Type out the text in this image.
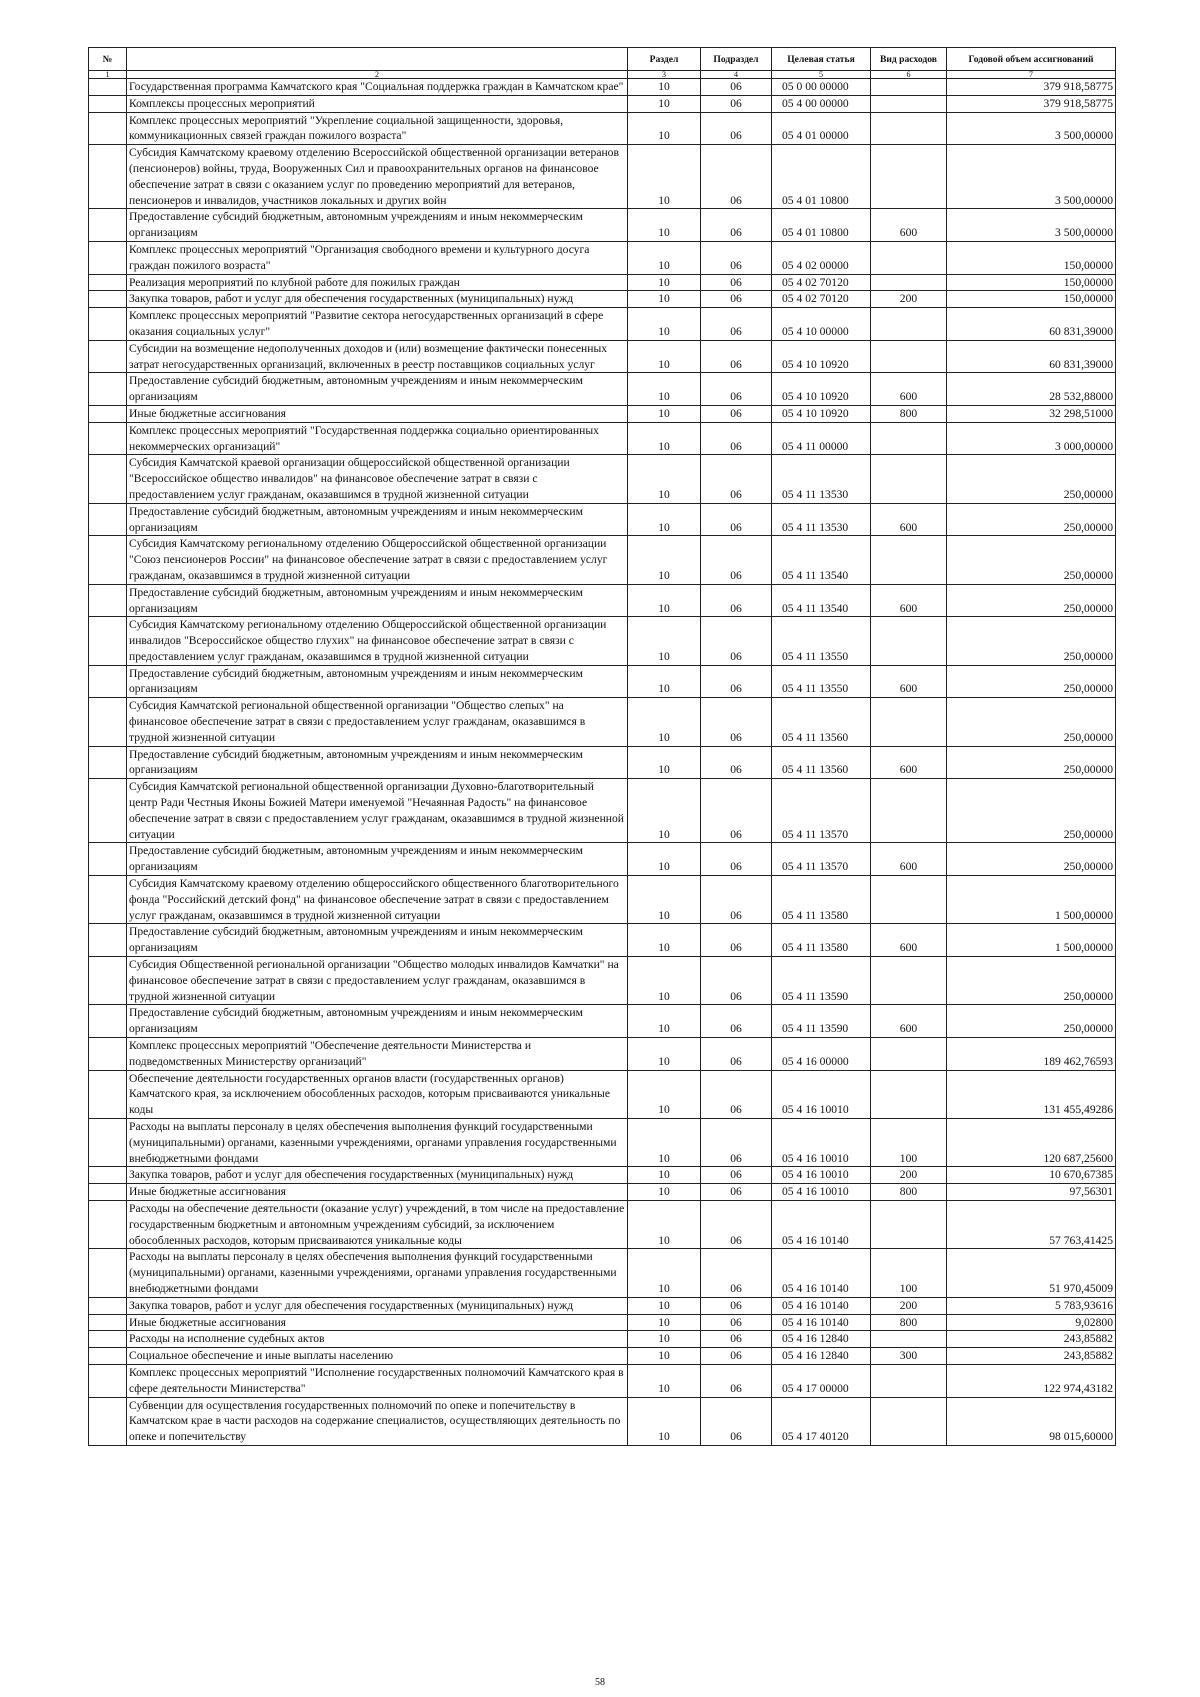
№		Раздел	Подраздел	Целевая статья	Вид расходов	Годовой объем ассигнований
1	2	3	4	5	6	7
	Государственная программа Камчатского края "Социальная поддержка граждан в Камчатском крае"	10	06	05 0 00 00000		379 918,58775
	Комплексы процессных мероприятий	10	06	05 4 00 00000		379 918,58775
	Комплекс процессных мероприятий "Укрепление социальной защищенности, здоровья, коммуникационных связей граждан пожилого возраста"	10	06	05 4 01 00000		3 500,00000
	Субсидия Камчатскому краевому отделению Всероссийской общественной организации ветеранов (пенсионеров) войны, труда, Вооруженных Сил и правоохранительных органов на финансовое обеспечение затрат в связи с оказанием услуг по проведению мероприятий для ветеранов, пенсионеров и инвалидов, участников локальных и других войн	10	06	05 4 01 10800		3 500,00000
	Предоставление субсидий бюджетным, автономным учреждениям и иным некоммерческим организациям	10	06	05 4 01 10800	600	3 500,00000
	Комплекс процессных мероприятий "Организация свободного времени и культурного досуга граждан пожилого возраста"	10	06	05 4 02 00000		150,00000
	Реализация мероприятий по клубной работе для пожилых граждан	10	06	05 4 02 70120		150,00000
	Закупка товаров, работ и услуг для обеспечения государственных (муниципальных) нужд	10	06	05 4 02 70120	200	150,00000
	Комплекс процессных мероприятий "Развитие сектора негосударственных организаций в сфере оказания социальных услуг"	10	06	05 4 10 00000		60 831,39000
	Субсидии на возмещение недополученных доходов и (или) возмещение фактически понесенных затрат негосударственных организаций, включенных в реестр поставщиков социальных услуг	10	06	05 4 10 10920		60 831,39000
	Предоставление субсидий бюджетным, автономным учреждениям и иным некоммерческим организациям	10	06	05 4 10 10920	600	28 532,88000
	Иные бюджетные ассигнования	10	06	05 4 10 10920	800	32 298,51000
	Комплекс процессных мероприятий "Государственная поддержка социально ориентированных некоммерческих организаций"	10	06	05 4 11 00000		3 000,00000
	Субсидия Камчатской краевой организации общероссийской общественной организации "Всероссийское общество инвалидов" на финансовое обеспечение затрат в связи с предоставлением услуг гражданам, оказавшимся в трудной жизненной ситуации	10	06	05 4 11 13530		250,00000
	Предоставление субсидий бюджетным, автономным учреждениям и иным некоммерческим организациям	10	06	05 4 11 13530	600	250,00000
	Субсидия Камчатскому региональному отделению Общероссийской общественной организации "Союз пенсионеров России" на финансовое обеспечение затрат в связи с предоставлением услуг гражданам, оказавшимся в трудной жизненной ситуации	10	06	05 4 11 13540		250,00000
	Предоставление субсидий бюджетным, автономным учреждениям и иным некоммерческим организациям	10	06	05 4 11 13540	600	250,00000
	Субсидия Камчатскому региональному отделению Общероссийской общественной организации инвалидов "Всероссийское общество глухих" на финансовое обеспечение затрат в связи с предоставлением услуг гражданам, оказавшимся в трудной жизненной ситуации	10	06	05 4 11 13550		250,00000
	Предоставление субсидий бюджетным, автономным учреждениям и иным некоммерческим организациям	10	06	05 4 11 13550	600	250,00000
	Субсидия Камчатской региональной общественной организации "Общество слепых" на финансовое обеспечение затрат в связи с предоставлением услуг гражданам, оказавшимся в трудной жизненной ситуации	10	06	05 4 11 13560		250,00000
	Предоставление субсидий бюджетным, автономным учреждениям и иным некоммерческим организациям	10	06	05 4 11 13560	600	250,00000
	Субсидия Камчатской региональной общественной организации Духовно-благотворительный центр Ради Честныя Иконы Божией Матери именуемой "Нечаянная Радость" на финансовое обеспечение затрат в связи с предоставлением услуг гражданам, оказавшимся в трудной жизненной ситуации	10	06	05 4 11 13570		250,00000
	Предоставление субсидий бюджетным, автономным учреждениям и иным некоммерческим организациям	10	06	05 4 11 13570	600	250,00000
	Субсидия Камчатскому краевому отделению общероссийского общественного благотворительного фонда "Российский детский фонд" на финансовое обеспечение затрат в связи с предоставлением услуг гражданам, оказавшимся в трудной жизненной ситуации	10	06	05 4 11 13580		1 500,00000
	Предоставление субсидий бюджетным, автономным учреждениям и иным некоммерческим организациям	10	06	05 4 11 13580	600	1 500,00000
	Субсидия Общественной региональной организации "Общество молодых инвалидов Камчатки" на финансовое обеспечение затрат в связи с предоставлением услуг гражданам, оказавшимся в трудной жизненной ситуации	10	06	05 4 11 13590		250,00000
	Предоставление субсидий бюджетным, автономным учреждениям и иным некоммерческим организациям	10	06	05 4 11 13590	600	250,00000
	Комплекс процессных мероприятий "Обеспечение деятельности Министерства и подведомственных Министерству организаций"	10	06	05 4 16 00000		189 462,76593
	Обеспечение деятельности государственных органов власти (государственных органов) Камчатского края, за исключением обособленных расходов, которым присваиваются уникальные коды	10	06	05 4 16 10010		131 455,49286
	Расходы на выплаты персоналу в целях обеспечения выполнения функций государственными (муниципальными) органами, казенными учреждениями, органами управления государственными внебюджетными фондами	10	06	05 4 16 10010	100	120 687,25600
	Закупка товаров, работ и услуг для обеспечения государственных (муниципальных) нужд	10	06	05 4 16 10010	200	10 670,67385
	Иные бюджетные ассигнования	10	06	05 4 16 10010	800	97,56301
	Расходы на обеспечение деятельности (оказание услуг) учреждений, в том числе на предоставление государственным бюджетным и автономным учреждениям субсидий, за исключением обособленных расходов, которым присваиваются уникальные коды	10	06	05 4 16 10140		57 763,41425
	Расходы на выплаты персоналу в целях обеспечения выполнения функций государственными (муниципальными) органами, казенными учреждениями, органами управления государственными внебюджетными фондами	10	06	05 4 16 10140	100	51 970,45009
	Закупка товаров, работ и услуг для обеспечения государственных (муниципальных) нужд	10	06	05 4 16 10140	200	5 783,93616
	Иные бюджетные ассигнования	10	06	05 4 16 10140	800	9,02800
	Расходы на исполнение судебных актов	10	06	05 4 16 12840		243,85882
	Социальное обеспечение и иные выплаты населению	10	06	05 4 16 12840	300	243,85882
	Комплекс процессных мероприятий "Исполнение государственных полномочий Камчатского края в сфере деятельности Министерства"	10	06	05 4 17 00000		122 974,43182
	Субвенции для осуществления государственных полномочий по опеке и попечительству в Камчатском крае в части расходов на содержание специалистов, осуществляющих деятельность по опеке и попечительству	10	06	05 4 17 40120		98 015,60000
58
